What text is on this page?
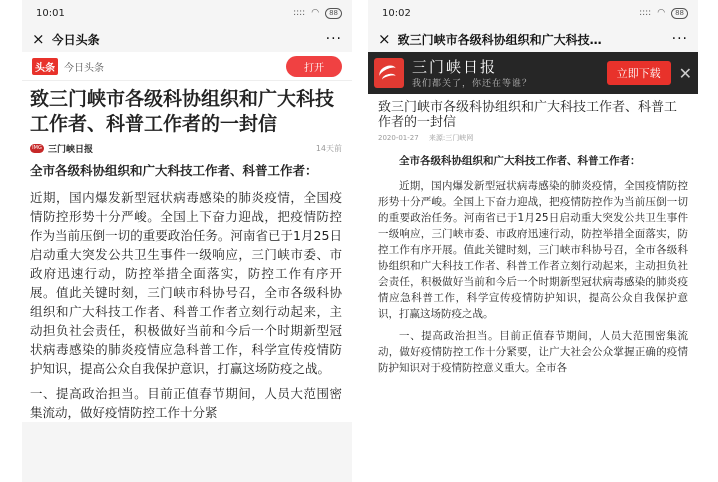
10:01	:::: ◠	88
× 今日头条	···
头条 今日头条	打开
致三门峡市各级科协组织和广大科技工作者、科普工作者的一封信
IMG 三门峡日报	14天前

全市各级科协组织和广大科技工作者、科普工作者：

近期，国内爆发新型冠状病毒感染的肺炎疫情，全国疫情防控形势十分严峻。全国上下奋力迎战，把疫情防控作为当前压倒一切的重要政治任务。河南省已于1月25日启动重大突发公共卫生事件一级响应，三门峡市委、市政府迅速行动，防控举措全面落实，防控工作有序开展。值此关键时刻，三门峡市科协号召，全市各级科协组织和广大科技工作者、科普工作者立刻行动起来，主动担负社会责任，积极做好当前和今后一个时期新型冠状病毒感染的肺炎疫情应急科普工作，科学宣传疫情防护知识，提高公众自我保护意识，打赢这场防疫之战。

一、提高政治担当。目前正值春节期间，人员大范围密集流动，做好疫情防控工作十分紧

10:02	:::: ◠	88
× 致三门峡市各级科协组织和广大科技…	···
三门峡日报
我们都关了，你还在等谁？
立即下载	✕
致三门峡市各级科协组织和广大科技工作者、科普工作者的一封信
2020-01-27 来源:三门峡网

全市各级科协组织和广大科技工作者、科普工作者：

近期，国内爆发新型冠状病毒感染的肺炎疫情，全国疫情防控形势十分严峻。全国上下奋力迎战，把疫情防控作为当前压倒一切的重要政治任务。河南省已于1月25日启动重大突发公共卫生事件一级响应，三门峡市委、市政府迅速行动，防控举措全面落实，防控工作有序开展。值此关键时刻，三门峡市科协号召，全市各级科协组织和广大科技工作者、科普工作者立刻行动起来，主动担负社会责任，积极做好当前和今后一个时期新型冠状病毒感染的肺炎疫情应急科普工作，科学宣传疫情防护知识，提高公众自我保护意识，打赢这场防疫之战。

一、提高政治担当。目前正值春节期间，人员大范围密集流动，做好疫情防控工作十分紧要，让广大社会公众掌握正确的疫情防护知识对于疫情防控意义重大。全市各
